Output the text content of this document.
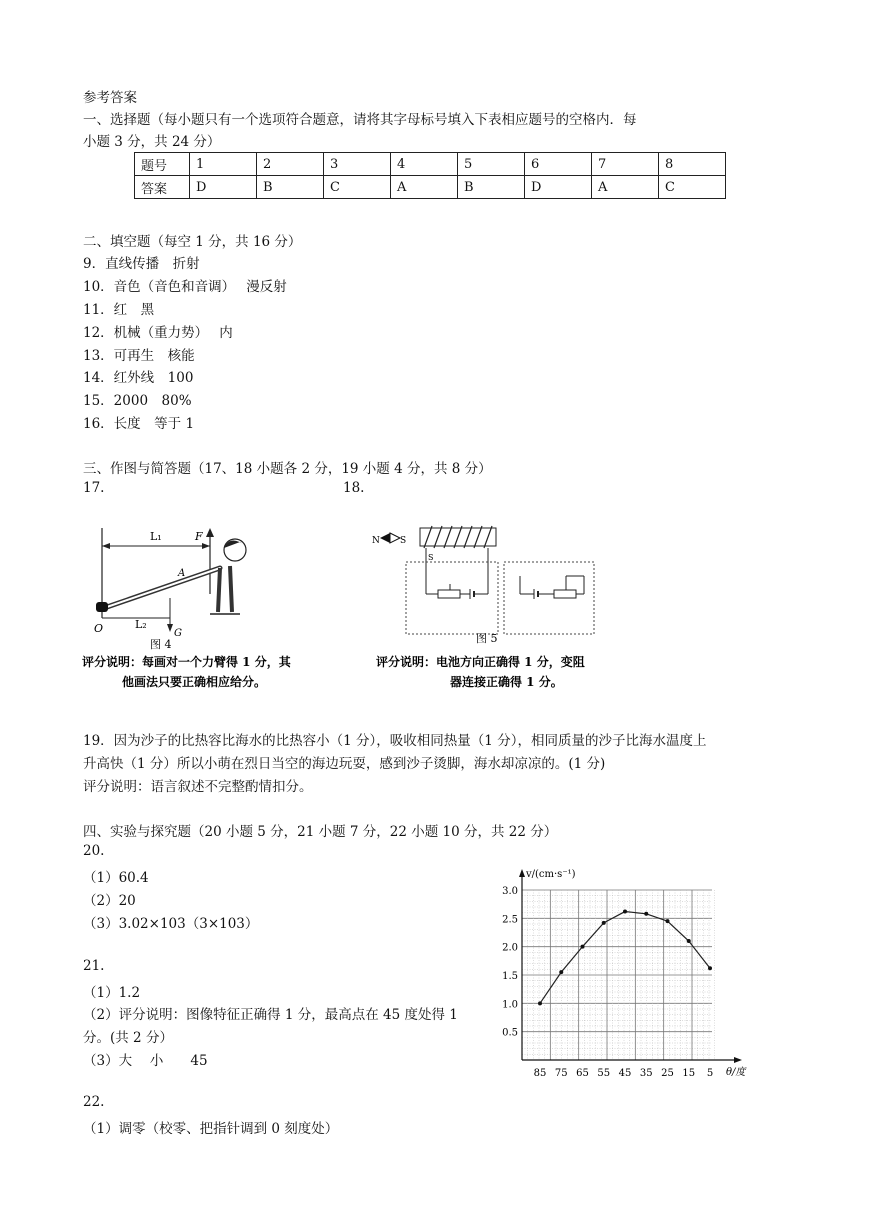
参考答案
一、选择题（每小题只有一个选项符合题意，请将其字母标号填入下表相应题号的空格内．每
小题 3 分，共 24 分）
题号	1	2	3	4	5	6	7	8
答案	D	B	C	A	B	D	A	C
二、填空题（每空 1 分，共 16 分）
9．直线传播　折射
10．音色（音色和音调）　 漫反射
11．红　黑
12．机械（重力势）　 内
13．可再生　核能
14．红外线　100
15．2000　80%
16．长度　等于 1
三、作图与简答题（17、18 小题各 2 分，19 小题 4 分，共 8 分）
17.	18.
L₁	F
G
L₂
O
A
图 4
评分说明：每画对一个力臂得 1 分，其
他画法只要正确相应给分。
N S
S
图 5
评分说明：电池方向正确得 1 分，变阻
器连接正确得 1 分。
19．因为沙子的比热容比海水的比热容小（1 分），吸收相同热量（1 分），相同质量的沙子比海水温度上
升高快（1 分）所以小萌在烈日当空的海边玩耍，感到沙子烫脚，海水却凉凉的。(1 分)
评分说明：语言叙述不完整酌情扣分。
四、实验与探究题（20 小题 5 分，21 小题 7 分，22 小题 10 分，共 22 分）
20.
（1）60.4
（2）20
（3）3.02×103（3×103）
21.
（1）1.2
（2）评分说明：图像特征正确得 1 分，最高点在 45 度处得 1
分。(共 2 分）
（3）大　 小　　45
22.
（1）调零（校零、把指针调到 0 刻度处）
0.5
1.0
1.5
2.0
2.5
3.0
85 75 65 55 45 35 25 15 5
v/(cm·s⁻¹)
θ/度
